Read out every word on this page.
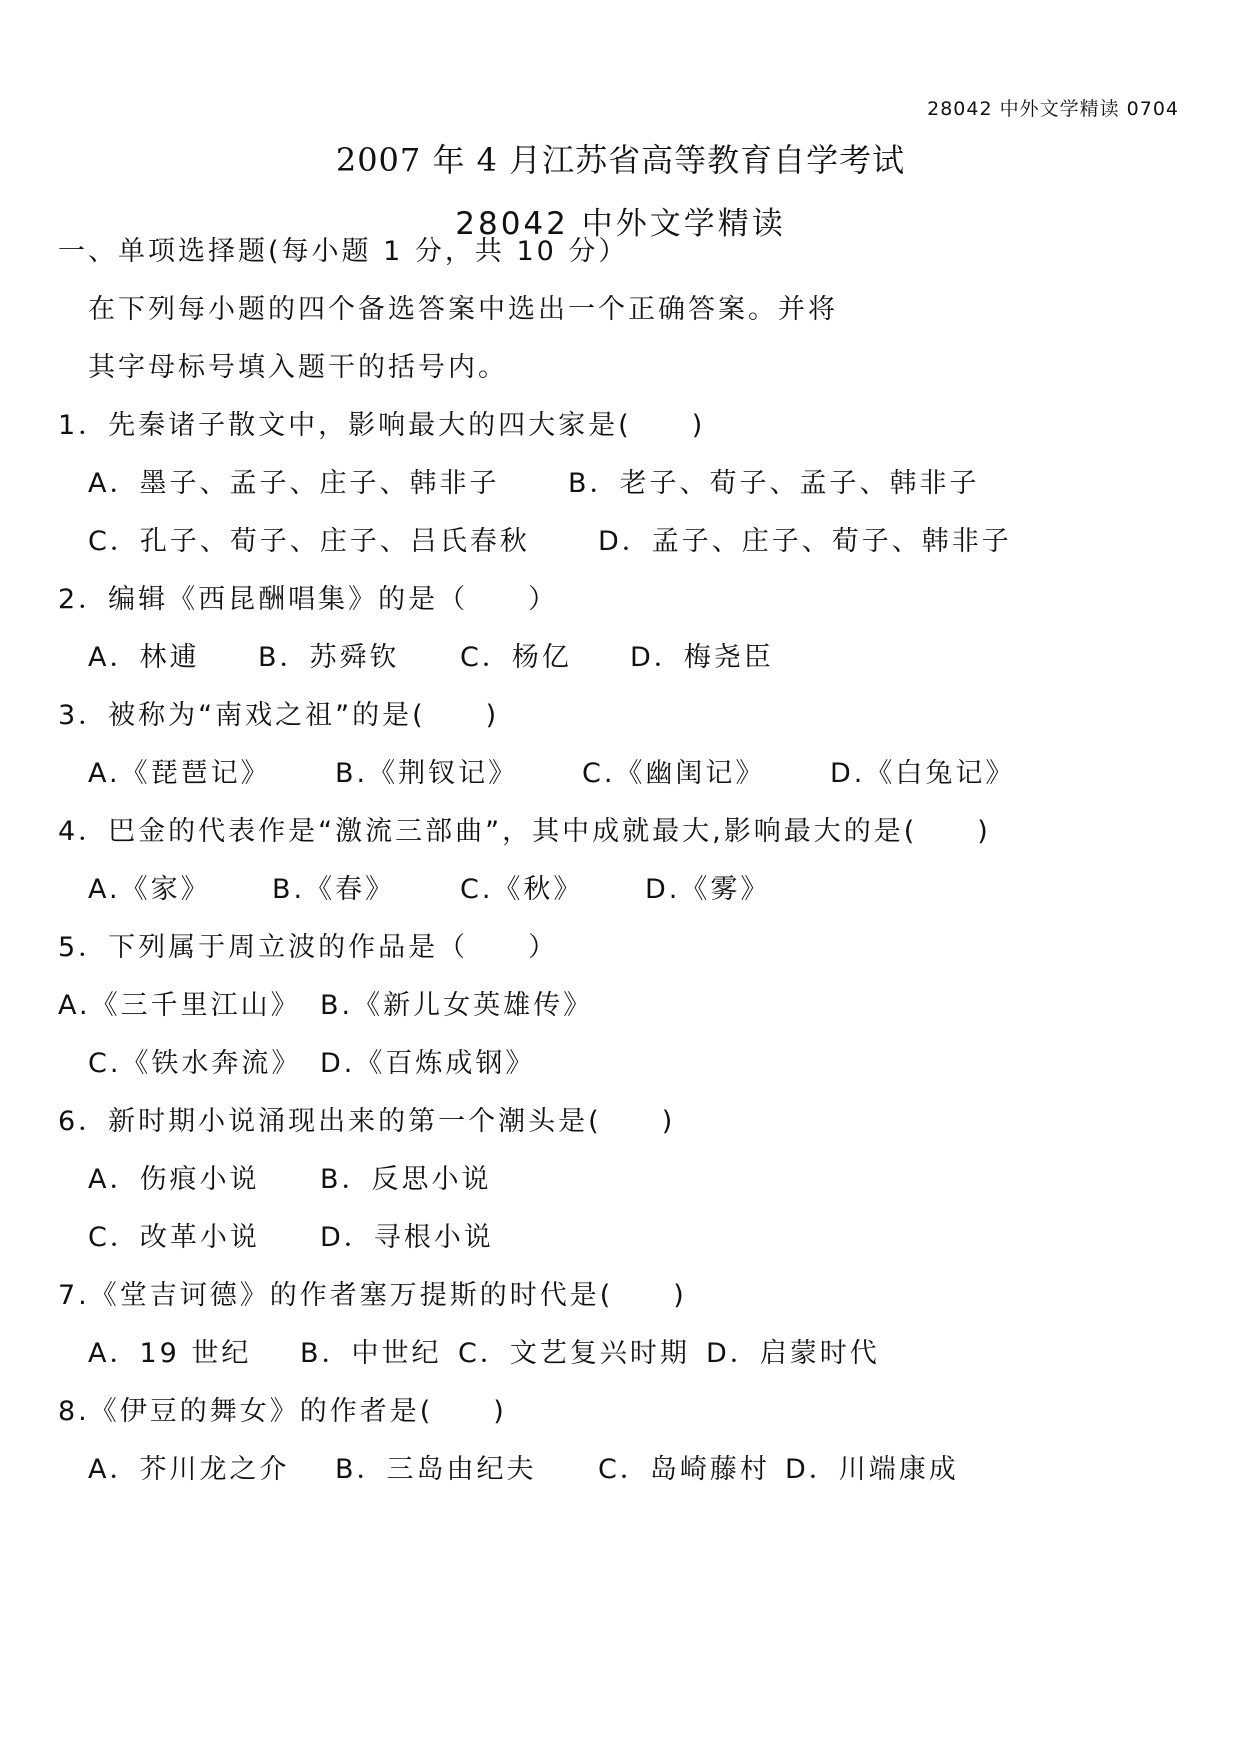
28042 中外文学精读 0704
2007 年 4 月江苏省高等教育自学考试
28042 中外文学精读
一、单项选择题(每小题 1 分，共 10 分）
在下列每小题的四个备选答案中选出一个正确答案。并将
其字母标号填入题干的括号内。
1．先秦诸子散文中，影响最大的四大家是(　　)
A．墨子、孟子、庄子、韩非子	B．老子、荀子、孟子、韩非子
C．孔子、荀子、庄子、吕氏春秋	D．孟子、庄子、荀子、韩非子
2．编辑《西昆酬唱集》的是（　　）
A．林逋 B．苏舜钦 C．杨亿 D．梅尧臣
3．被称为“南戏之祖”的是(　　)
A.《琵琶记》 B.《荆钗记》 C.《幽闺记》 D.《白兔记》
4．巴金的代表作是“激流三部曲”，其中成就最大,影响最大的是(　　)
A.《家》 B.《春》 C.《秋》 D.《雾》
5．下列属于周立波的作品是（　　）
A.《三千里江山》 B.《新儿女英雄传》
C.《铁水奔流》 D.《百炼成钢》
6．新时期小说涌现出来的第一个潮头是(　　)
A．伤痕小说 B．反思小说
C．改革小说 D．寻根小说
7.《堂吉诃德》的作者塞万提斯的时代是(　　)
A．19 世纪 B．中世纪 C．文艺复兴时期 D．启蒙时代
8.《伊豆的舞女》的作者是(　　)
A．芥川龙之介 B．三岛由纪夫 C．岛崎藤村 D．川端康成
